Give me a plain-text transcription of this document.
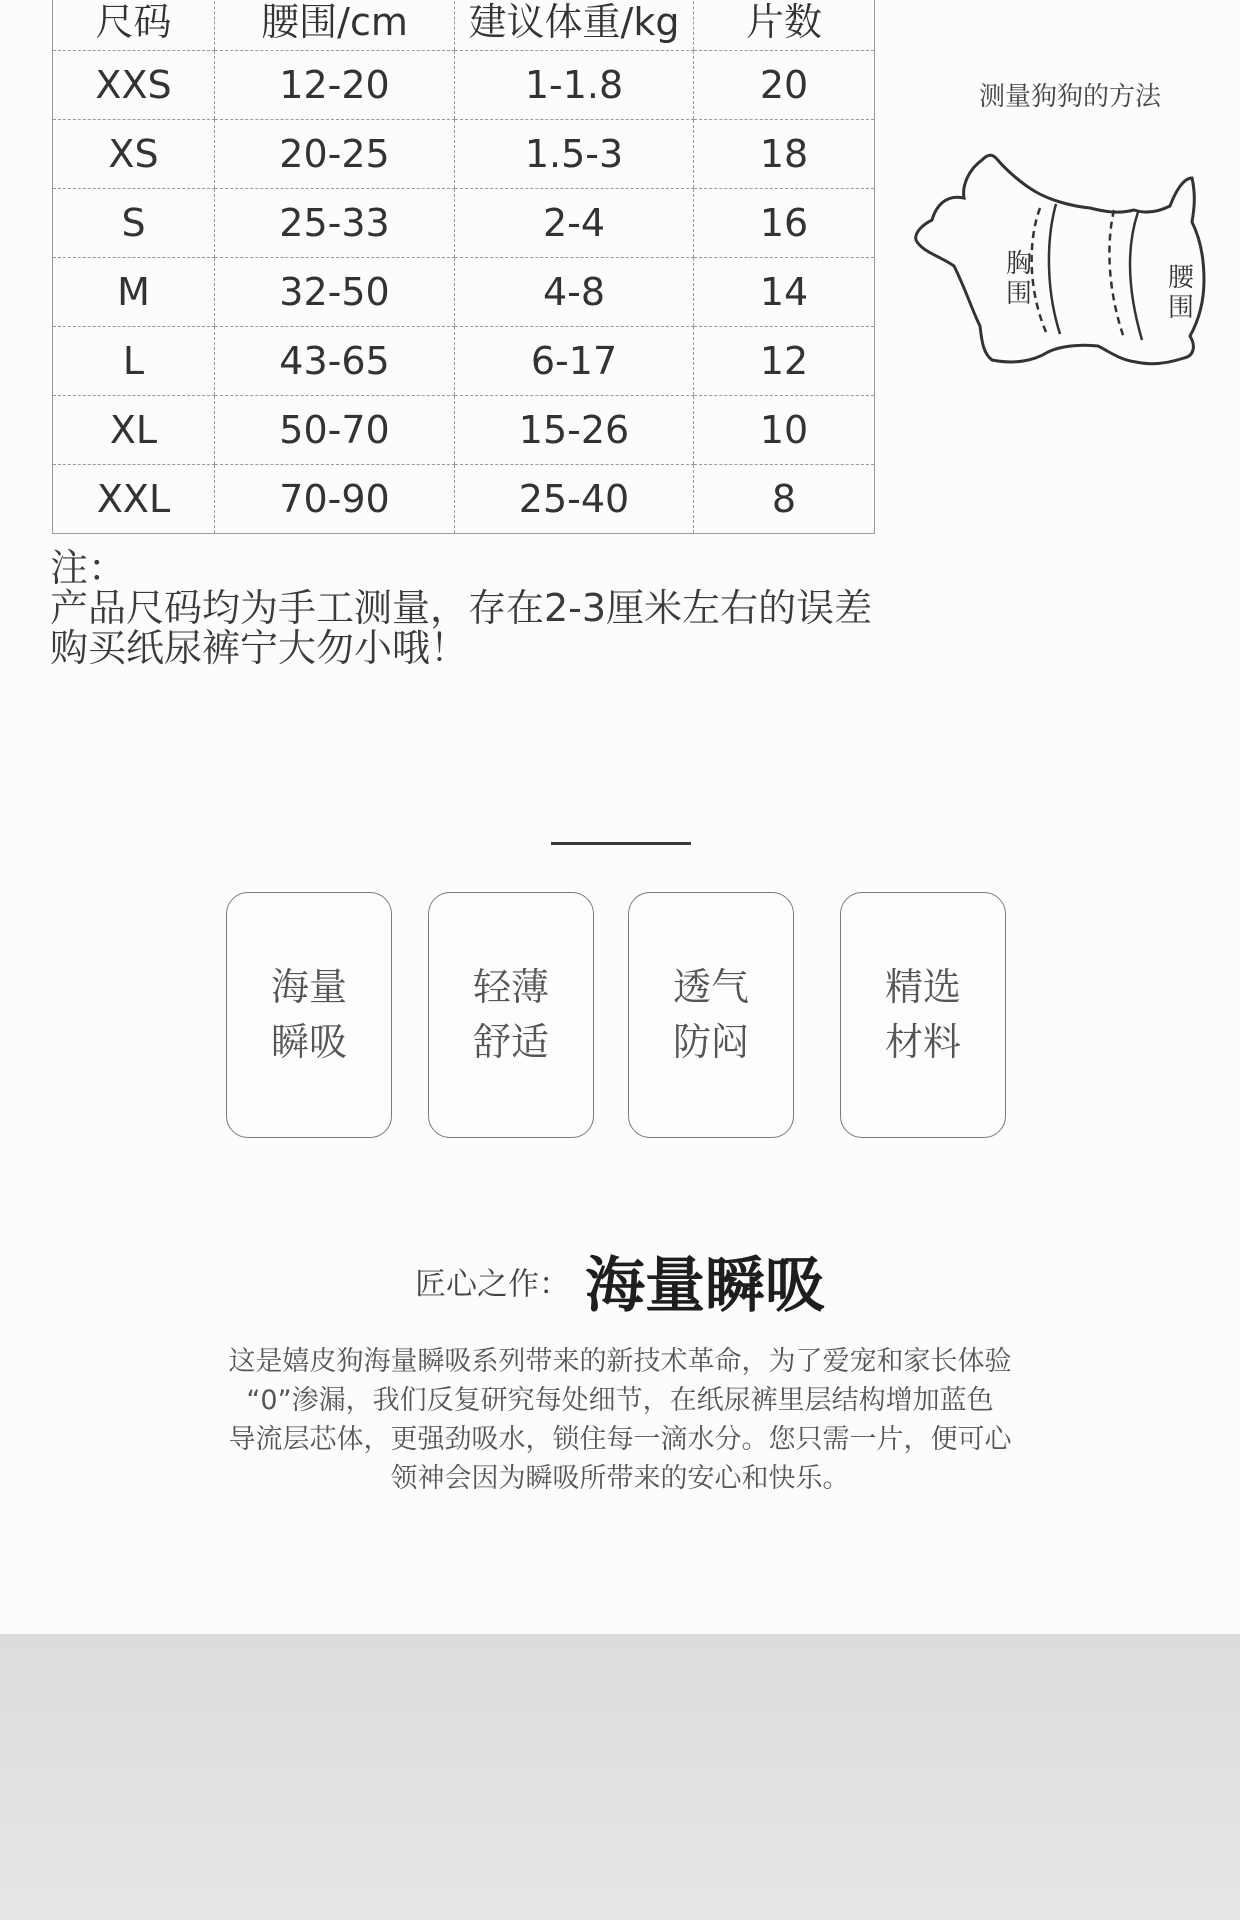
尺码	腰围/cm	建议体重/kg	片数
XXS	12-20	1-1.8	20
XS	20-25	1.5-3	18
S	25-33	2-4	16
M	32-50	4-8	14
L	43-65	6-17	12
XL	50-70	15-26	10
XXL	70-90	25-40	8
测量狗狗的方法
胸
围
腰
围
注：
产品尺码均为手工测量，存在2-3厘米左右的误差
购买纸尿裤宁大勿小哦！
海量
瞬吸
轻薄
舒适
透气
防闷
精选
材料
匠心之作： 海量瞬吸
这是嬉皮狗海量瞬吸系列带来的新技术革命，为了爱宠和家长体验
“0”渗漏，我们反复研究每处细节，在纸尿裤里层结构增加蓝色
导流层芯体，更强劲吸水，锁住每一滴水分。您只需一片，便可心
领神会因为瞬吸所带来的安心和快乐。
